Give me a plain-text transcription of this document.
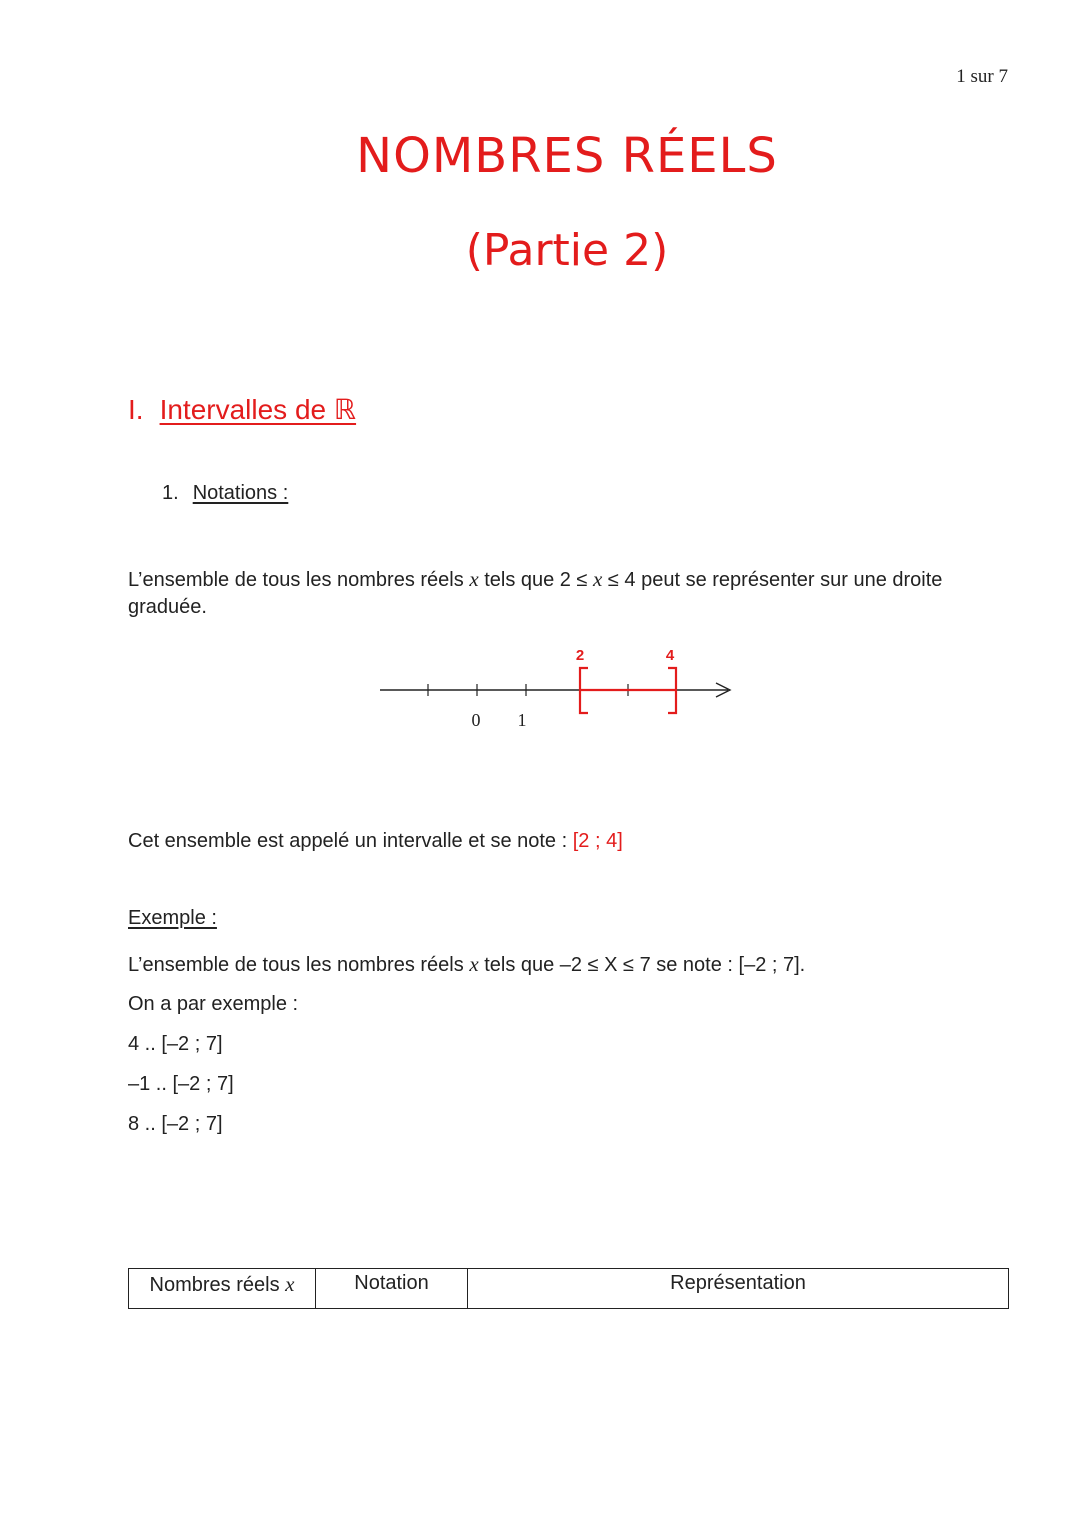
1 sur 7
NOMBRES RÉELS
(Partie 2)
I. Intervalles de ℝ
1. Notations :
L’ensemble de tous les nombres réels x tels que 2 ≤ x ≤ 4 peut se représenter sur une droite graduée.
2	4
0 1
Cet ensemble est appelé un intervalle et se note : [2 ; 4]
Exemple :
L’ensemble de tous les nombres réels x tels que –2 ≤ X ≤ 7 se note : [–2 ; 7].
On a par exemple :
4 .. [–2 ; 7]
–1 .. [–2 ; 7]
8 .. [–2 ; 7]
Nombres réels x	Notation	Représentation
